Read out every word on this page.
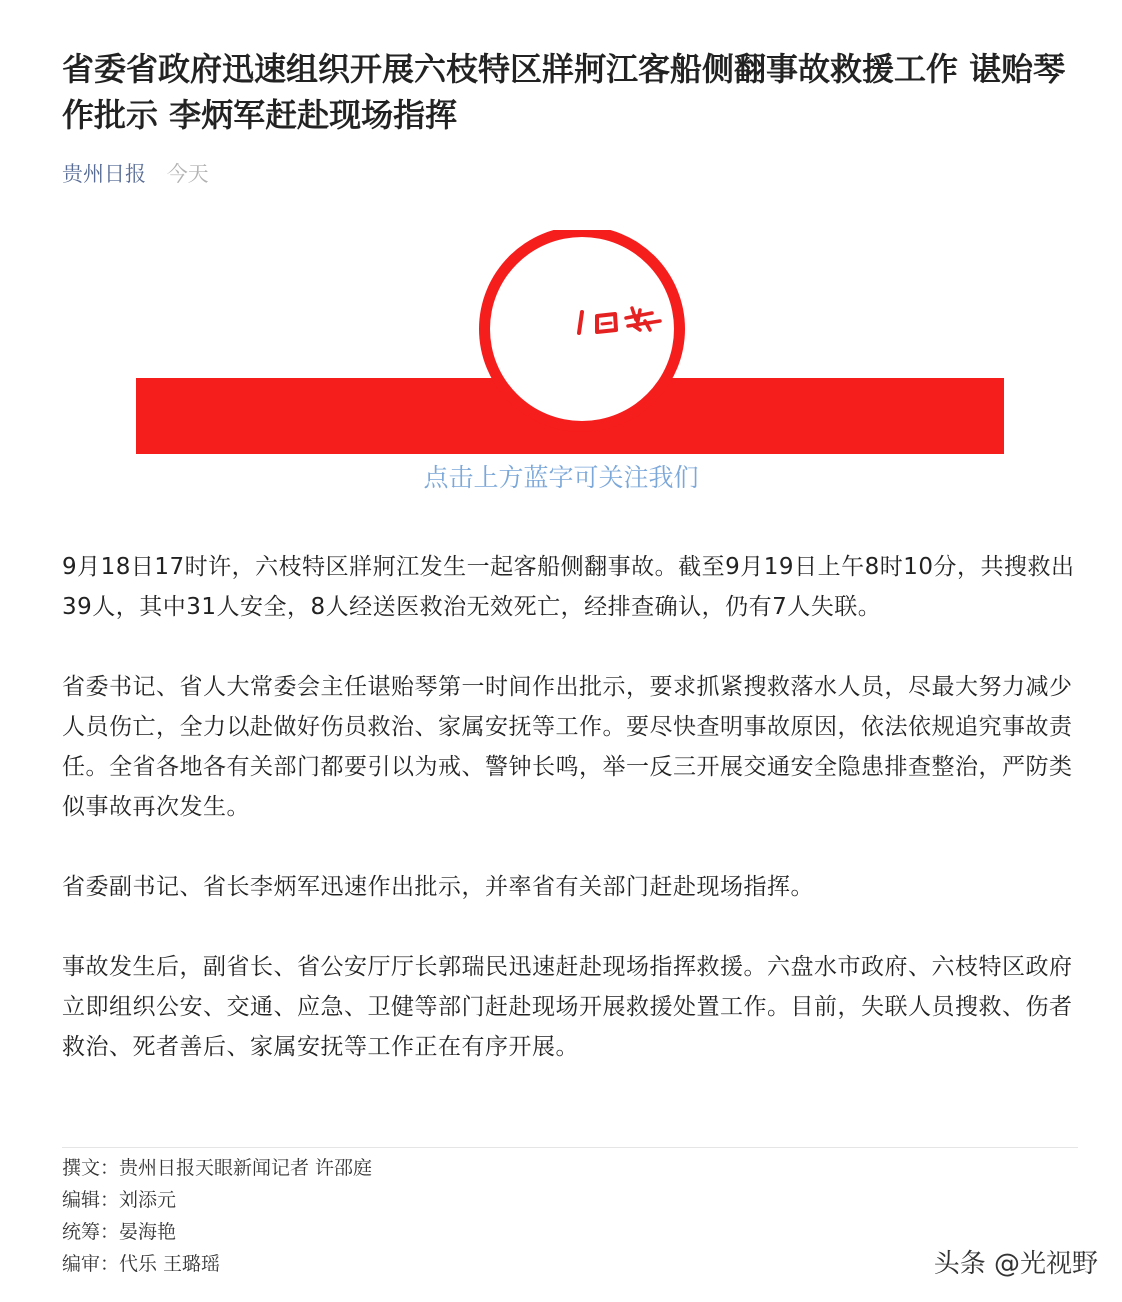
省委省政府迅速组织开展六枝特区牂牁江客船侧翻事故救援工作 谌贻琴作批示 李炳军赶赴现场指挥
贵州日报 今天
点击上方蓝字可关注我们

9月18日17时许，六枝特区牂牁江发生一起客船侧翻事故。截至9月19日上午8时10分，共搜救出39人，其中31人安全，8人经送医救治无效死亡，经排查确认，仍有7人失联。

省委书记、省人大常委会主任谌贻琴第一时间作出批示，要求抓紧搜救落水人员，尽最大努力减少人员伤亡，全力以赴做好伤员救治、家属安抚等工作。要尽快查明事故原因，依法依规追究事故责任。全省各地各有关部门都要引以为戒、警钟长鸣，举一反三开展交通安全隐患排查整治，严防类似事故再次发生。

省委副书记、省长李炳军迅速作出批示，并率省有关部门赶赴现场指挥。

事故发生后，副省长、省公安厅厅长郭瑞民迅速赶赴现场指挥救援。六盘水市政府、六枝特区政府立即组织公安、交通、应急、卫健等部门赶赴现场开展救援处置工作。目前，失联人员搜救、伤者救治、死者善后、家属安抚等工作正在有序开展。

撰文：贵州日报天眼新闻记者 许邵庭
编辑：刘添元
统筹：晏海艳
编审：代乐 王璐瑶	头条 @光视野
